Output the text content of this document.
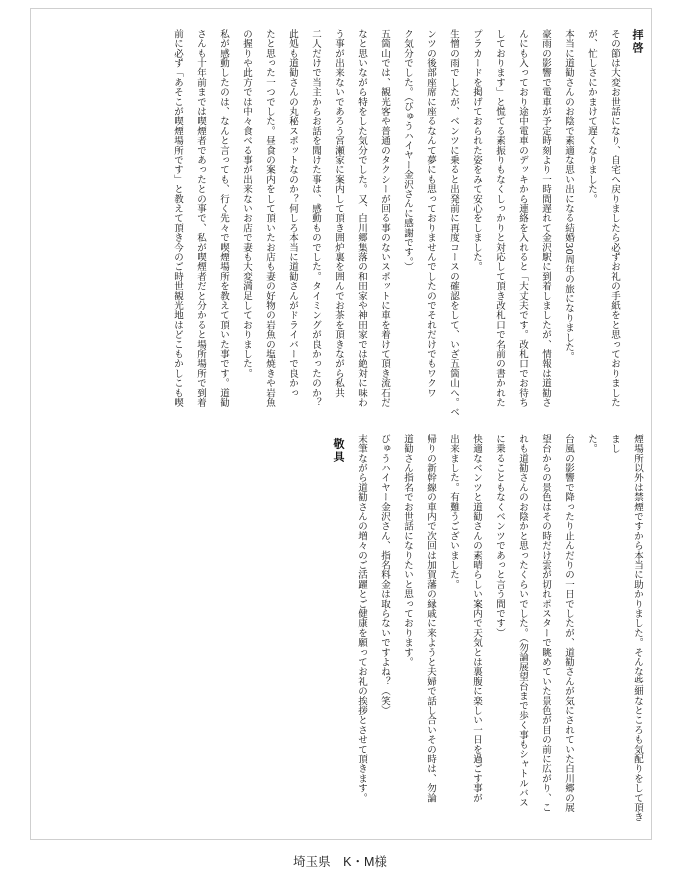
拝啓
その節は大変お世話になり、自宅へ戻りましたら必ずお礼の手紙をと思っておりました
が、忙しさにかまけて遅くなりました。
本当に道勧さんのお陰で素適な思い出になる結婚30周年の旅になりました。
豪雨の影響で電車が予定時刻より一時間遅れて金沢駅に到着しましたが、情報は道勧さ
んにも入っており途中電車のデッキから連絡を入れると「大丈夫です。改札口でお待ち
しております」と慌てる素振りもなくしっかりと対応して頂き改札口で名前の書かれた
プラカードを掲げておられた姿をみて安心をしました。
生憎の雨でしたが、ベンツに乗ると出発前に再度コースの確認をして、いざ五箇山へ。ベ
ンツの後部座席に座るなんて夢にも思っておりませんでしたのでそれだけでもワクワ
ク気分でした。（びゅうハイヤー金沢さんに感謝です。）
五箇山では、観光客や普通のタクシーが回る事のないスポットに車を着けて頂き流石だ
なと思いながら特をした気分でした。又、白川郷集落の和田家や神田家では絶対に味わ
う事が出来ないであろう宮瀬家に案内して頂き囲炉裏を囲んでお茶を頂きながら私共
二人だけで当主からお話を聞けた事は、感動ものでした。タイミングが良かったのか？
此処も道勧さんの丸秘スポットなのか？何しろ本当に道勧さんがドライバーで良かっ
たと思った一つでした。昼食の案内をして頂いたお店も妻の好物の岩魚の塩焼きや岩魚
の握りや此方では中々食べる事が出来ないお店で妻も大変満足しておりました。
私が感動したのは、なんと言っても、行く先々で喫煙場所を教えて頂いた事です。道勧
さんも十年前までは喫煙者であったとの事で、私が喫煙者だと分かると場所場所で到着
前に必ず「あそこが喫煙場所です」と教えて頂き今のご時世観光地はどこもかしこも喫
煙場所以外は禁煙ですから本当に助かりました。そんな些細なところも気配りをして頂きまし
た。
台風の影響で降ったり止んだりの一日でしたが、道勧さんが気にされていた白川郷の展
望台からの景色はその時だけ雲が切れポスターで眺めていた景色が目の前に広がり、こ
れも道勧さんのお陰かと思ったくらいでした。（勿論展望台まで歩く事もシャトルバス
に乗ることもなくベンツであっと言う間です）
快適なベンツと道勧さんの素晴らしい案内で天気とは裏腹に楽しい一日を過ごす事が
出来ました。有難うございました。
帰りの新幹線の車内で次回は加賀藩の縁戚に来ようと夫婦で話し合いその時は、勿論
道勧さん指名でお世話になりたいと思っております。
びゅうハイヤー金沢さん、指名料金は取らないですよね？（笑）
末筆ながら道勧さんの増々のご活躍とご健康を願ってお礼の挨拶とさせて頂きます。
敬具
埼玉県　K・M様
